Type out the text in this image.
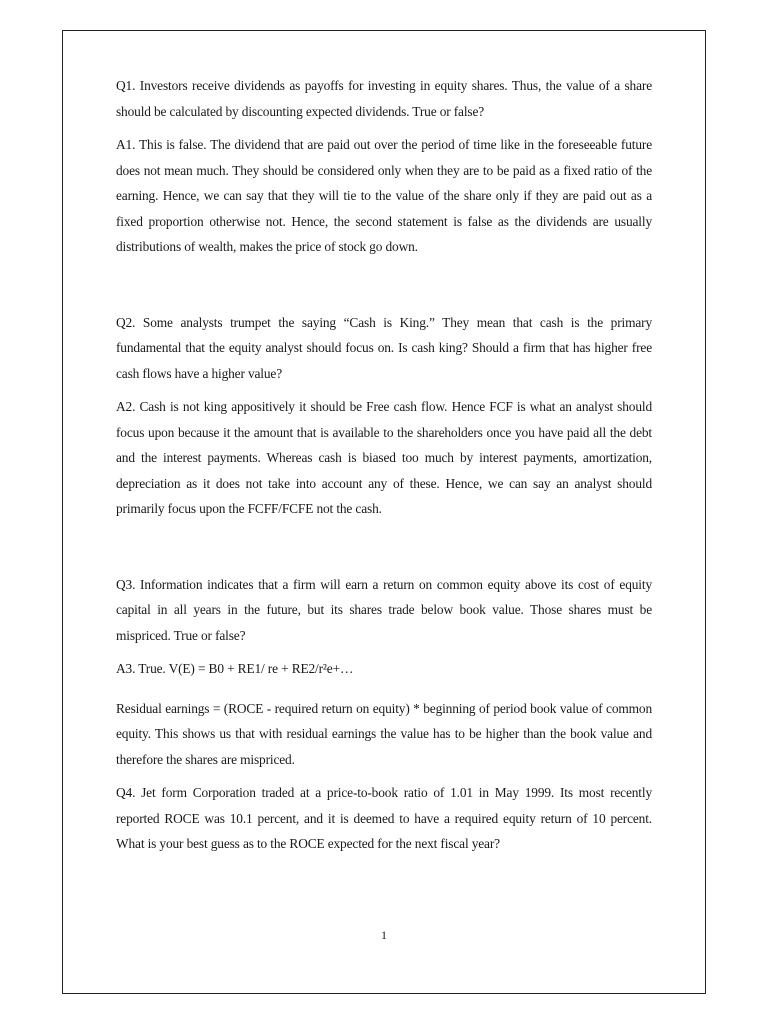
Q1. Investors receive dividends as payoffs for investing in equity shares. Thus, the value of a share should be calculated by discounting expected dividends. True or false?

A1. This is false. The dividend that are paid out over the period of time like in the foreseeable future does not mean much. They should be considered only when they are to be paid as a fixed ratio of the earning. Hence, we can say that they will tie to the value of the share only if they are paid out as a fixed proportion otherwise not. Hence, the second statement is false as the dividends are usually distributions of wealth, makes the price of stock go down.

Q2. Some analysts trumpet the saying “Cash is King.” They mean that cash is the primary fundamental that the equity analyst should focus on. Is cash king? Should a firm that has higher free cash flows have a higher value?

A2. Cash is not king appositively it should be Free cash flow. Hence FCF is what an analyst should focus upon because it the amount that is available to the shareholders once you have paid all the debt and the interest payments. Whereas cash is biased too much by interest payments, amortization, depreciation as it does not take into account any of these. Hence, we can say an analyst should primarily focus upon the FCFF/FCFE not the cash.

Q3. Information indicates that a firm will earn a return on common equity above its cost of equity capital in all years in the future, but its shares trade below book value. Those shares must be mispriced. True or false?

A3. True. V(E) = B0 + RE1/ re + RE2/r²e+…

Residual earnings = (ROCE - required return on equity) * beginning of period book value of common equity. This shows us that with residual earnings the value has to be higher than the book value and therefore the shares are mispriced.

Q4. Jet form Corporation traded at a price-to-book ratio of 1.01 in May 1999. Its most recently reported ROCE was 10.1 percent, and it is deemed to have a required equity return of 10 percent. What is your best guess as to the ROCE expected for the next fiscal year?

1
